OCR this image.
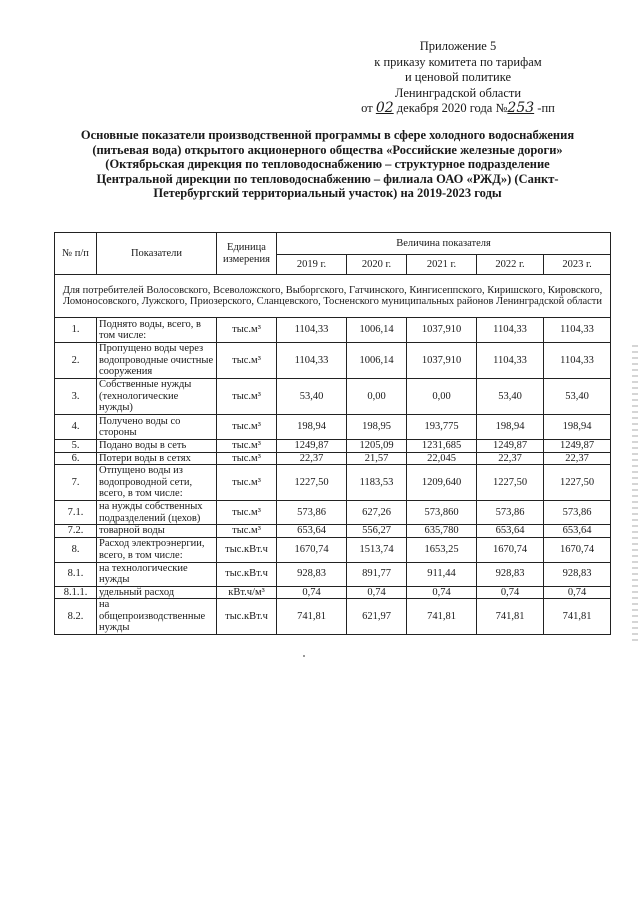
Приложение 5
к приказу комитета по тарифам
и ценовой политике
Ленинградской области
от 02 декабря 2020 года №253 -пп
Основные показатели производственной программы в сфере холодного водоснабжения (питьевая вода) открытого акционерного общества «Российские железные дороги» (Октябрьская дирекция по тепловодоснабжению – структурное подразделение Центральной дирекции по тепловодоснабжению – филиала ОАО «РЖД») (Санкт-Петербургский территориальный участок) на 2019-2023 годы
№ п/п	Показатели	Единица измерения	Величина показателя				
			2019 г.	2020 г.	2021 г.	2022 г.	2023 г.
Для потребителей Волосовского, Всеволожского, Выборгского, Гатчинского, Кингисеппского, Киришского, Кировского, Ломоносовского, Лужского, Приозерского, Сланцевского, Тосненского муниципальных районов Ленинградской области							
1.	Поднято воды, всего, в том числе:	тыс.м³	1104,33	1006,14	1037,910	1104,33	1104,33
2.	Пропущено воды через водопроводные очистные сооружения	тыс.м³	1104,33	1006,14	1037,910	1104,33	1104,33
3.	Собственные нужды (технологические нужды)	тыс.м³	53,40	0,00	0,00	53,40	53,40
4.	Получено воды со стороны	тыс.м³	198,94	198,95	193,775	198,94	198,94
5.	Подано воды в сеть	тыс.м³	1249,87	1205,09	1231,685	1249,87	1249,87
6.	Потери воды в сетях	тыс.м³	22,37	21,57	22,045	22,37	22,37
7.	Отпущено воды из водопроводной сети, всего, в том числе:	тыс.м³	1227,50	1183,53	1209,640	1227,50	1227,50
7.1.	на нужды собственных подразделений (цехов)	тыс.м³	573,86	627,26	573,860	573,86	573,86
7.2.	товарной воды	тыс.м³	653,64	556,27	635,780	653,64	653,64
8.	Расход электроэнергии, всего, в том числе:	тыс.кВт.ч	1670,74	1513,74	1653,25	1670,74	1670,74
8.1.	на технологические нужды	тыс.кВт.ч	928,83	891,77	911,44	928,83	928,83
8.1.1.	удельный расход	кВт.ч/м³	0,74	0,74	0,74	0,74	0,74
8.2.	на общепроизводственные нужды	тыс.кВт.ч	741,81	621,97	741,81	741,81	741,81
